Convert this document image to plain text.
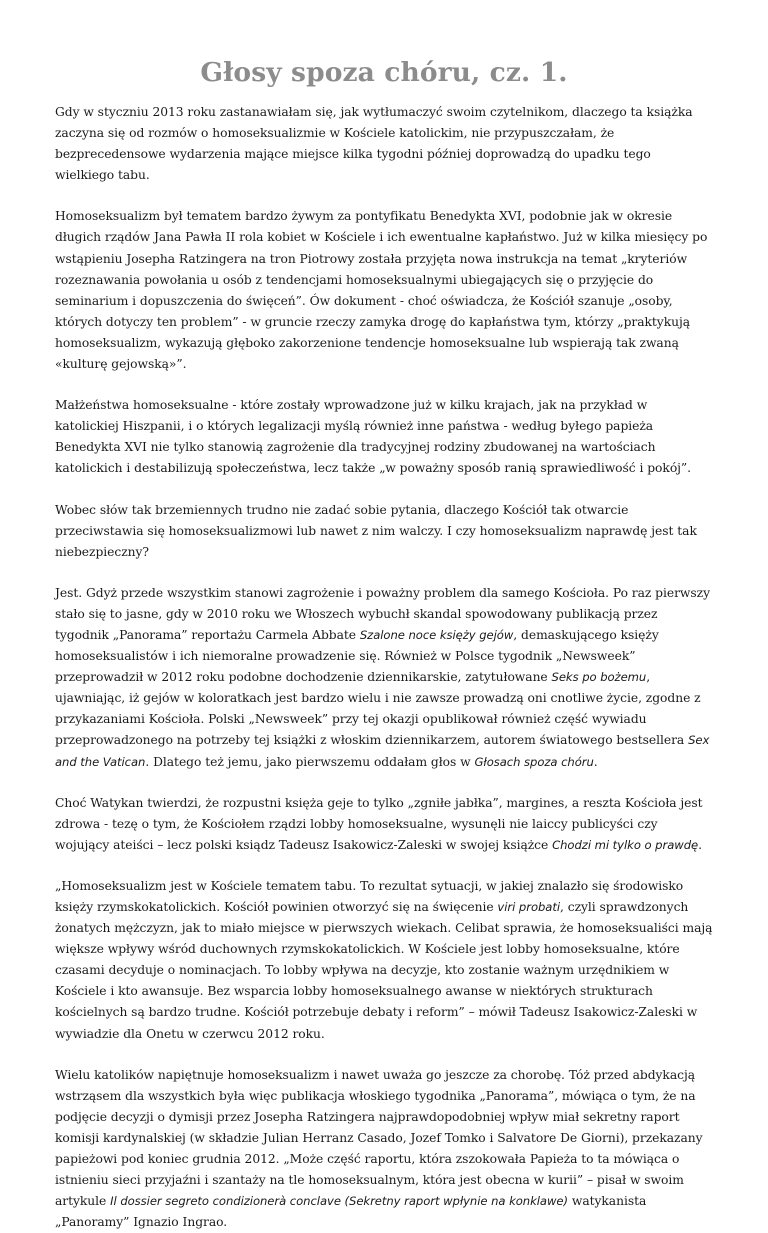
Głosy spoza chóru, cz. 1.

Gdy w styczniu 2013 roku zastanawiałam się, jak wytłumaczyć swoim czytelnikom, dlaczego ta książka zaczyna się od rozmów o homoseksualizmie w Kościele katolickim, nie przypuszczałam, że bezprecedensowe wydarzenia mające miejsce kilka tygodni później doprowadzą do upadku tego wielkiego tabu.

Homoseksualizm był tematem bardzo żywym za pontyfikatu Benedykta XVI, podobnie jak w okresie długich rządów Jana Pawła II rola kobiet w Kościele i ich ewentualne kapłaństwo. Już w kilka miesięcy po wstąpieniu Josepha Ratzingera na tron Piotrowy została przyjęta nowa instrukcja na temat „kryteriów rozeznawania powołania u osób z tendencjami homoseksualnymi ubiegających się o przyjęcie do seminarium i dopuszczenia do święceń”. Ów dokument - choć oświadcza, że Kościół szanuje „osoby, których dotyczy ten problem” - w gruncie rzeczy zamyka drogę do kapłaństwa tym, którzy „praktykują homoseksualizm, wykazują głęboko zakorzenione tendencje homoseksualne lub wspierają tak zwaną «kulturę gejowską»”.

Małżeństwa homoseksualne - które zostały wprowadzone już w kilku krajach, jak na przykład w katolickiej Hiszpanii, i o których legalizacji myślą również inne państwa - według byłego papieża Benedykta XVI nie tylko stanowią zagrożenie dla tradycyjnej rodziny zbudowanej na wartościach katolickich i destabilizują społeczeństwa, lecz także „w poważny sposób ranią sprawiedliwość i pokój”.

Wobec słów tak brzemiennych trudno nie zadać sobie pytania, dlaczego Kościół tak otwarcie przeciwstawia się homoseksualizmowi lub nawet z nim walczy. I czy homoseksualizm naprawdę jest tak niebezpieczny?

Jest. Gdyż przede wszystkim stanowi zagrożenie i poważny problem dla samego Kościoła. Po raz pierwszy stało się to jasne, gdy w 2010 roku we Włoszech wybuchł skandal spowodowany publikacją przez tygodnik „Panorama” reportażu Carmela Abbate Szalone noce księży gejów, demaskującego księży homoseksualistów i ich niemoralne prowadzenie się. Również w Polsce tygodnik „Newsweek” przeprowadził w 2012 roku podobne dochodzenie dziennikarskie, zatytułowane Seks po bożemu, ujawniając, iż gejów w koloratkach jest bardzo wielu i nie zawsze prowadzą oni cnotliwe życie, zgodne z przykazaniami Kościoła. Polski „Newsweek” przy tej okazji opublikował również część wywiadu przeprowadzonego na potrzeby tej książki z włoskim dziennikarzem, autorem światowego bestsellera Sex and the Vatican. Dlatego też jemu, jako pierwszemu oddałam głos w Głosach spoza chóru.

Choć Watykan twierdzi, że rozpustni księża geje to tylko „zgniłe jabłka”, margines, a reszta Kościoła jest zdrowa - tezę o tym, że Kościołem rządzi lobby homoseksualne, wysunęli nie laiccy publicyści czy wojujący ateiści – lecz polski ksiądz Tadeusz Isakowicz-Zaleski w swojej książce Chodzi mi tylko o prawdę.

„Homoseksualizm jest w Kościele tematem tabu. To rezultat sytuacji, w jakiej znalazło się środowisko księży rzymskokatolickich. Kościół powinien otworzyć się na święcenie viri probati, czyli sprawdzonych żonatych mężczyzn, jak to miało miejsce w pierwszych wiekach. Celibat sprawia, że homoseksualiści mają większe wpływy wśród duchownych rzymskokatolickich. W Kościele jest lobby homoseksualne, które czasami decyduje o nominacjach. To lobby wpływa na decyzje, kto zostanie ważnym urzędnikiem w Kościele i kto awansuje. Bez wsparcia lobby homoseksualnego awanse w niektórych strukturach kościelnych są bardzo trudne. Kościół potrzebuje debaty i reform” – mówił Tadeusz Isakowicz-Zaleski w wywiadzie dla Onetu w czerwcu 2012 roku.

Wielu katolików napiętnuje homoseksualizm i nawet uważa go jeszcze za chorobę. Tóż przed abdykacją wstrząsem dla wszystkich była więc publikacja włoskiego tygodnika „Panorama”, mówiąca o tym, że na podjęcie decyzji o dymisji przez Josepha Ratzingera najprawdopodobniej wpływ miał sekretny raport komisji kardynalskiej (w składzie Julian Herranz Casado, Jozef Tomko i Salvatore De Giorni), przekazany papieżowi pod koniec grudnia 2012. „Może część raportu, która zszokowała Papieża to ta mówiąca o istnieniu sieci przyjaźni i szantaży na tle homoseksualnym, która jest obecna w kurii” – pisał w swoim artykule Il dossier segreto condizionerà conclave (Sekretny raport wpłynie na konklawe) watykanista „Panoramy” Ignazio Ingrao.
